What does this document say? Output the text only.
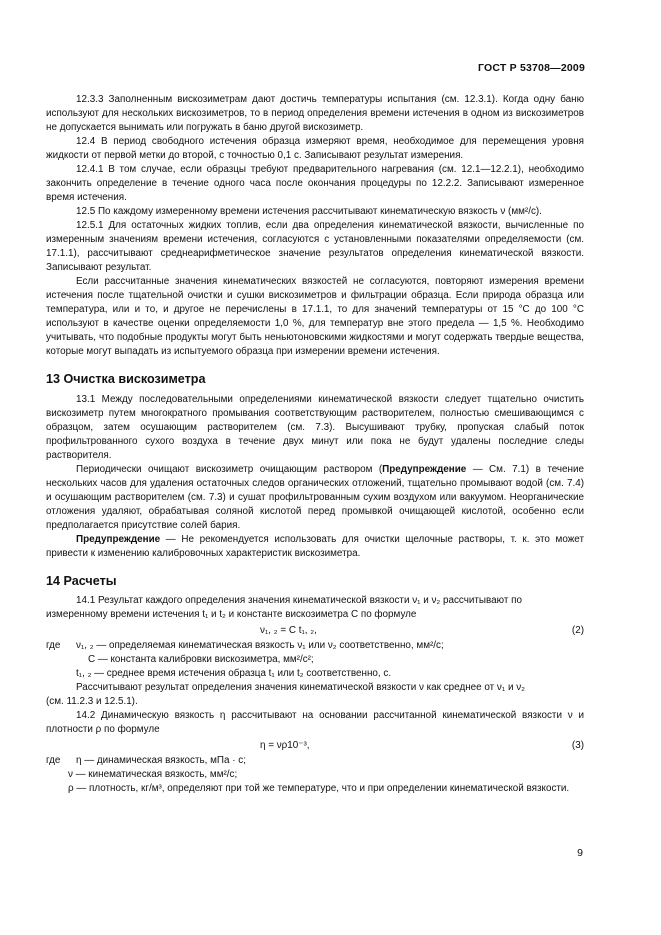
ГОСТ Р 53708—2009

12.3.3 Заполненным вискозиметрам дают достичь температуры испытания (см. 12.3.1). Когда одну баню используют для нескольких вискозиметров, то в период определения времени истечения в одном из вискозиметров не допускается вынимать или погружать в баню другой вискозиметр.

12.4 В период свободного истечения образца измеряют время, необходимое для перемещения уровня жидкости от первой метки до второй, с точностью 0,1 с. Записывают результат измерения.

12.4.1 В том случае, если образцы требуют предварительного нагревания (см. 12.1—12.2.1), необходимо закончить определение в течение одного часа после окончания процедуры по 12.2.2. Записывают измеренное время истечения.

12.5 По каждому измеренному времени истечения рассчитывают кинематическую вязкость ν (мм²/с).

12.5.1 Для остаточных жидких топлив, если два определения кинематической вязкости, вычисленные по измеренным значениям времени истечения, согласуются с установленными показателями определяемости (см. 17.1.1), рассчитывают среднеарифметическое значение результатов определения кинематической вязкости. Записывают результат.

Если рассчитанные значения кинематических вязкостей не согласуются, повторяют измерения времени истечения после тщательной очистки и сушки вискозиметров и фильтрации образца. Если природа образца или температура, или и то, и другое не перечислены в 17.1.1, то для значений температуры от 15 °С до 100 °С используют в качестве оценки определяемости 1,0 %, для температур вне этого предела — 1,5 %. Необходимо учитывать, что подобные продукты могут быть неньютоновскими жидкостями и могут содержать твердые вещества, которые могут выпадать из испытуемого образца при измерении времени истечения.

13 Очистка вискозиметра

13.1 Между последовательными определениями кинематической вязкости следует тщательно очистить вискозиметр путем многократного промывания соответствующим растворителем, полностью смешивающимся с образцом, затем осушающим растворителем (см. 7.3). Высушивают трубку, пропуская слабый поток профильтрованного сухого воздуха в течение двух минут или пока не будут удалены последние следы растворителя.

Периодически очищают вискозиметр очищающим раствором (Предупреждение — См. 7.1) в течение нескольких часов для удаления остаточных следов органических отложений, тщательно промывают водой (см. 7.4) и осушающим растворителем (см. 7.3) и сушат профильтрованным сухим воздухом или вакуумом. Неорганические отложения удаляют, обрабатывая соляной кислотой перед промывкой очищающей кислотой, особенно если предполагается присутствие солей бария.

Предупреждение — Не рекомендуется использовать для очистки щелочные растворы, т. к. это может привести к изменению калибровочных характеристик вискозиметра.

14 Расчеты

14.1 Результат каждого определения значения кинематической вязкости ν₁ и ν₂ рассчитывают по

измеренному времени истечения t₁ и t₂ и константе вискозиметра С по формуле
ν₁, ₂ = С t₁, ₂,	(2)
где	ν₁, ₂ — определяемая кинематическая вязкость ν₁ или ν₂ соответственно, мм²/с;
С — константа калибровки вискозиметра, мм²/с²;
t₁, ₂ — среднее время истечения образца t₁ или t₂ соответственно, с.

Рассчитывают результат определения значения кинематической вязкости ν как среднее от ν₁ и ν₂

(см. 11.2.3 и 12.5.1).

14.2 Динамическую вязкость η рассчитывают на основании рассчитанной кинематической вязкости ν и плотности ρ по формуле

η = νρ10⁻³,	(3)
где	η — динамическая вязкость, мПа · с;
ν — кинематическая вязкость, мм²/с;
ρ — плотность, кг/м³, определяют при той же температуре, что и при определении кинематической вязкости.
9
